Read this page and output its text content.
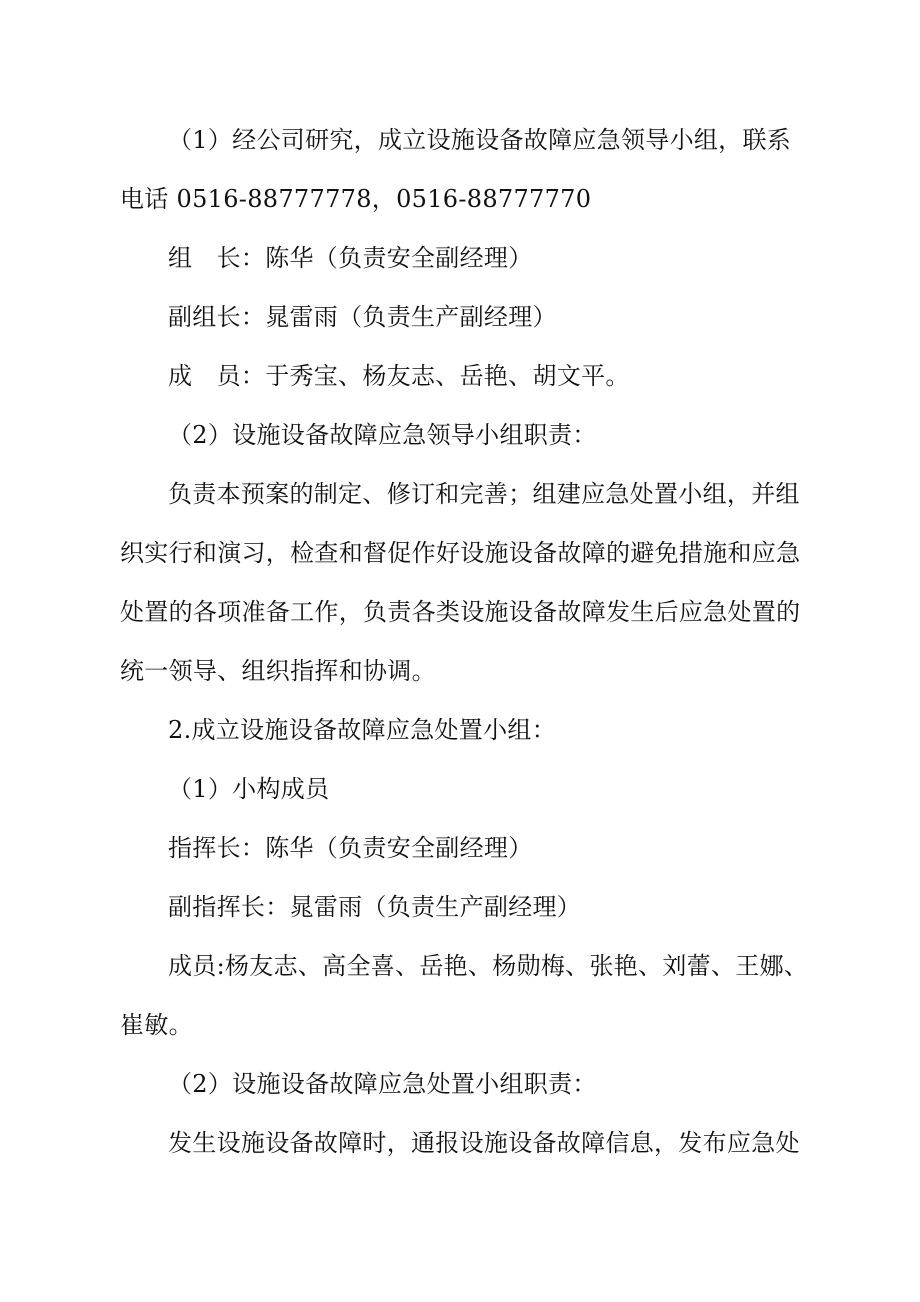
（1）经公司研究，成立设施设备故障应急领导小组，联系
电话 0516-88777778，0516-88777770
组　长：陈华（负责安全副经理）
副组长：晁雷雨（负责生产副经理）
成　员：于秀宝、杨友志、岳艳、胡文平。
（2）设施设备故障应急领导小组职责：
负责本预案的制定、修订和完善；组建应急处置小组，并组
织实行和演习，检查和督促作好设施设备故障的避免措施和应急
处置的各项准备工作，负责各类设施设备故障发生后应急处置的
统一领导、组织指挥和协调。
2.成立设施设备故障应急处置小组：
（1）小构成员
指挥长：陈华（负责安全副经理）
副指挥长：晁雷雨（负责生产副经理）
成员:杨友志、高全喜、岳艳、杨勋梅、张艳、刘蕾、王娜、
崔敏。
（2）设施设备故障应急处置小组职责：
发生设施设备故障时，通报设施设备故障信息，发布应急处
